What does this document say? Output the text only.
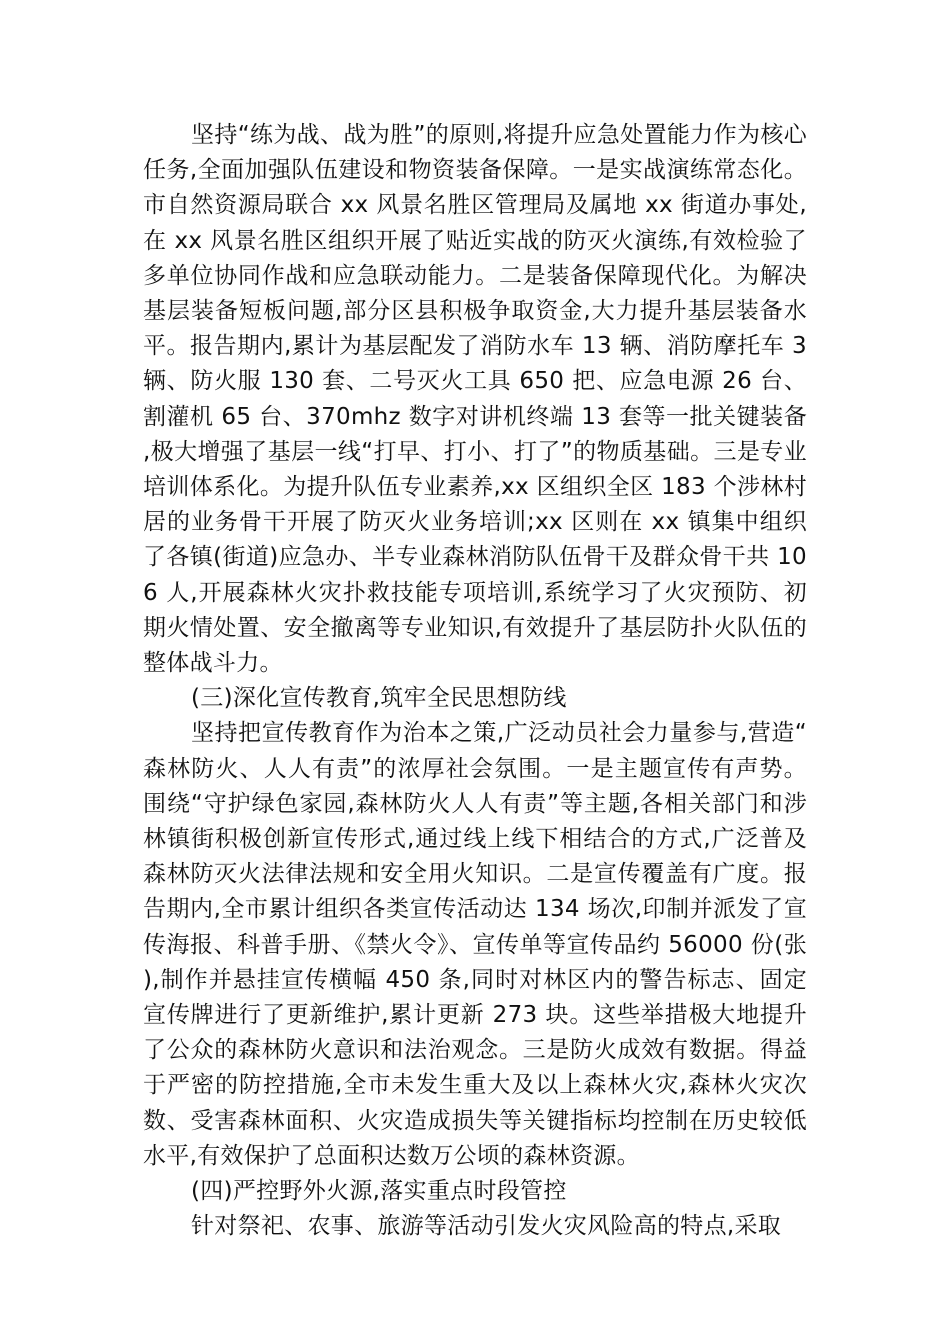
坚持“练为战、战为胜”的原则,将提升应急处置能力作为核心任务,全面加强队伍建设和物资装备保障。一是实战演练常态化。市自然资源局联合 xx 风景名胜区管理局及属地 xx 街道办事处,在 xx 风景名胜区组织开展了贴近实战的防灭火演练,有效检验了多单位协同作战和应急联动能力。二是装备保障现代化。为解决基层装备短板问题,部分区县积极争取资金,大力提升基层装备水平。报告期内,累计为基层配发了消防水车 13 辆、消防摩托车 3 辆、防火服 130 套、二号灭火工具 650 把、应急电源 26 台、割灌机 65 台、370mhz 数字对讲机终端 13 套等一批关键装备,极大增强了基层一线“打早、打小、打了”的物质基础。三是专业培训体系化。为提升队伍专业素养,xx 区组织全区 183 个涉林村居的业务骨干开展了防灭火业务培训;xx 区则在 xx 镇集中组织了各镇(街道)应急办、半专业森林消防队伍骨干及群众骨干共 106 人,开展森林火灾扑救技能专项培训,系统学习了火灾预防、初期火情处置、安全撤离等专业知识,有效提升了基层防扑火队伍的整体战斗力。

(三)深化宣传教育,筑牢全民思想防线

坚持把宣传教育作为治本之策,广泛动员社会力量参与,营造“森林防火、人人有责”的浓厚社会氛围。一是主题宣传有声势。围绕“守护绿色家园,森林防火人人有责”等主题,各相关部门和涉林镇街积极创新宣传形式,通过线上线下相结合的方式,广泛普及森林防灭火法律法规和安全用火知识。二是宣传覆盖有广度。报告期内,全市累计组织各类宣传活动达 134 场次,印制并派发了宣传海报、科普手册、《禁火令》、宣传单等宣传品约 56000 份(张),制作并悬挂宣传横幅 450 条,同时对林区内的警告标志、固定宣传牌进行了更新维护,累计更新 273 块。这些举措极大地提升了公众的森林防火意识和法治观念。三是防火成效有数据。得益于严密的防控措施,全市未发生重大及以上森林火灾,森林火灾次数、受害森林面积、火灾造成损失等关键指标均控制在历史较低水平,有效保护了总面积达数万公顷的森林资源。

(四)严控野外火源,落实重点时段管控

针对祭祀、农事、旅游等活动引发火灾风险高的特点,采取
